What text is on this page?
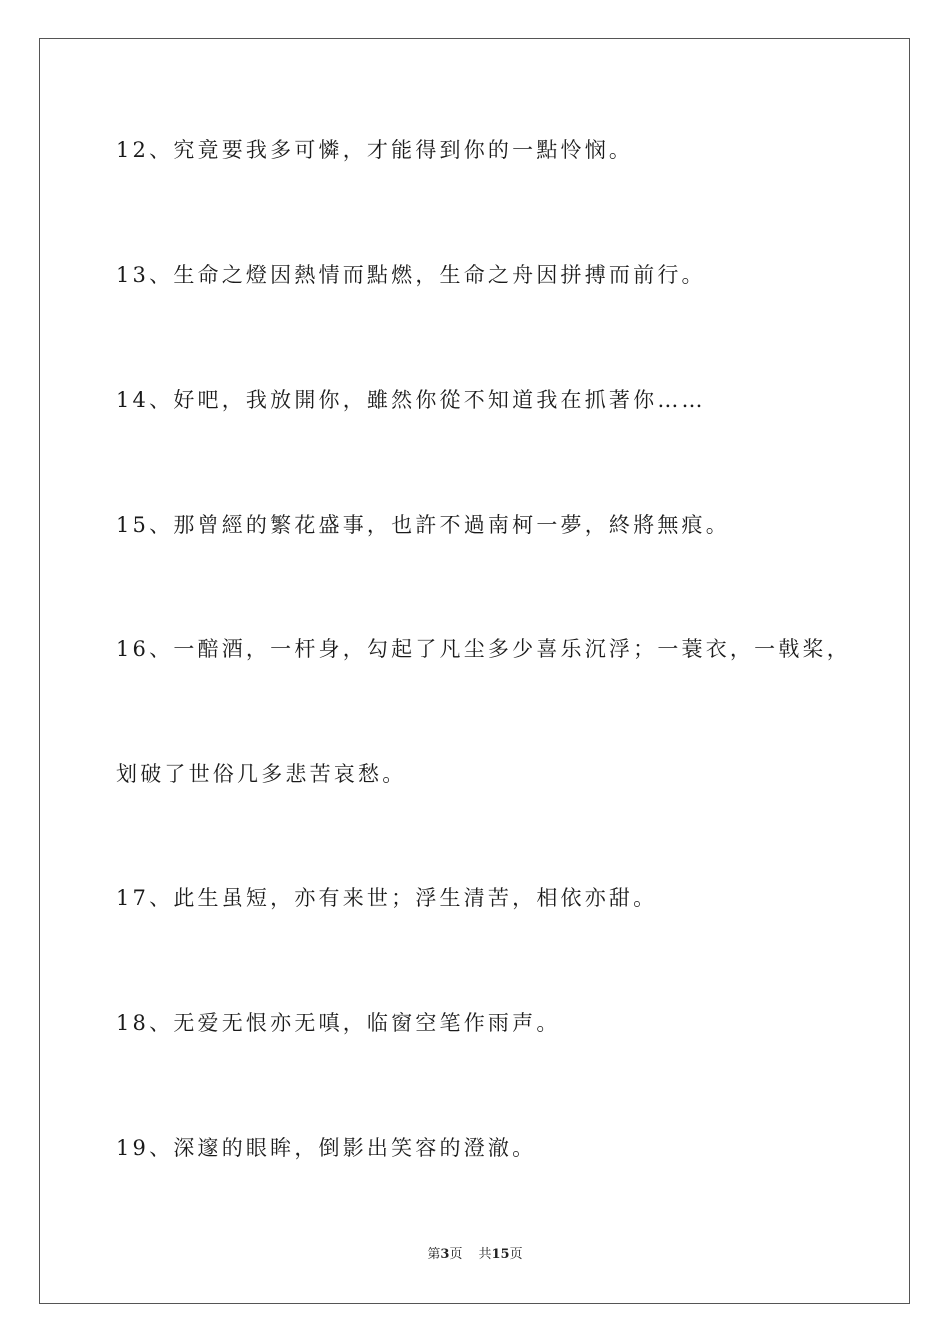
12、究竟要我多可憐，才能得到你的一點怜悯。
13、生命之燈因熱情而點燃，生命之舟因拼搏而前行。
14、好吧，我放開你，雖然你從不知道我在抓著你……
15、那曾經的繁花盛事，也許不過南柯一夢，終將無痕。
16、一醅酒，一杆身，勾起了凡尘多少喜乐沉浮；一蓑衣，一戟桨，
划破了世俗几多悲苦哀愁。
17、此生虽短，亦有来世；浮生清苦，相依亦甜。
18、无爱无恨亦无嗔，临窗空笔作雨声。
19、深邃的眼眸，倒影出笑容的澄澈。
第3页 共15页
